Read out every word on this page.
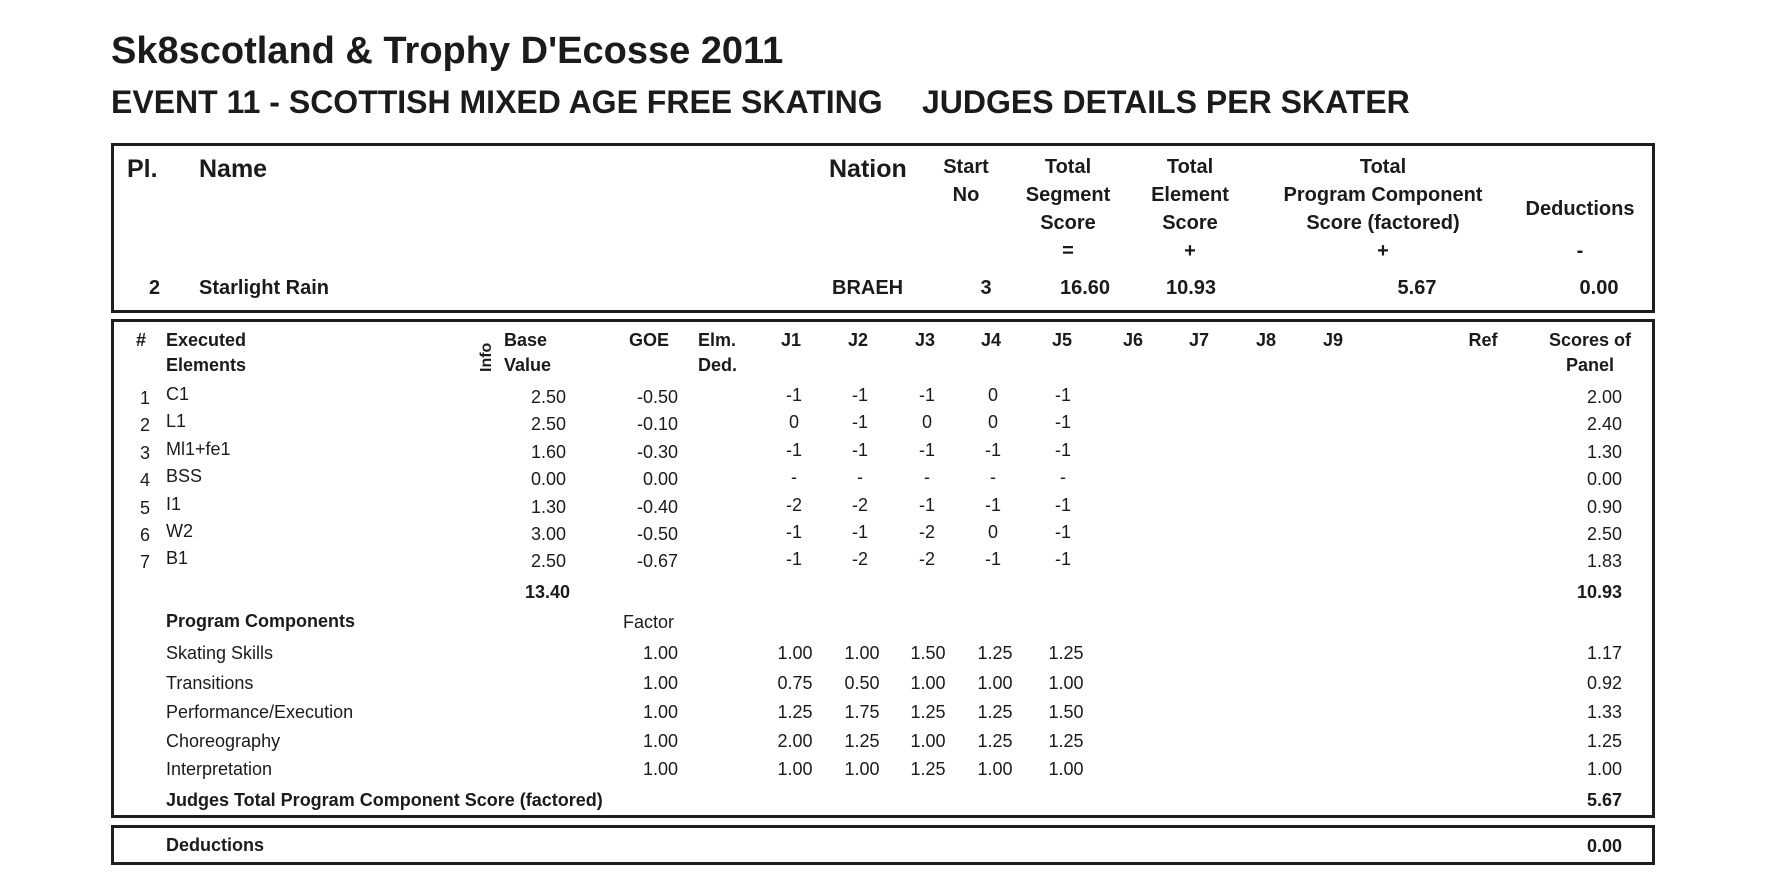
Sk8scotland & Trophy D'Ecosse 2011
EVENT 11 - SCOTTISH MIXED AGE FREE SKATING JUDGES DETAILS PER SKATER
Pl. Name	Nation Start
No
Total
Segment
Score
=
Total
Element
Score
+
Total
Program Component
Score (factored)
+
Deductions
-
2 Starlight Rain	BRAEH	3	16.60	10.93	5.67	0.00
# Executed
Elements	Info
Base
Value
GOE Elm.
Ded.
J1	J2	J3	J4	J5	J6	J7	J8	J9	Ref	Scores of
Panel
1 C1	2.50	-0.50	-1	-1	-1	0	-1	2.00
2 L1	2.50	-0.10	0	-1	0	0	-1	2.40
3 Ml1+fe1	1.60	-0.30	-1	-1	-1	-1	-1	1.30
4 BSS	0.00	0.00	-	-	-	-	-	0.00
5 I1	1.30	-0.40	-2	-2	-1	-1	-1	0.90
6 W2	3.00	-0.50	-1	-1	-2	0	-1	2.50
7 B1	2.50	-0.67	-1	-2	-2	-1	-1	1.83
13.40	10.93
Program Components	Factor
Skating Skills	1.00	1.00 1.00 1.50 1.25 1.25	1.17
Transitions	1.00	0.75 0.50 1.00 1.00 1.00	0.92
Performance/Execution	1.00	1.25 1.75 1.25 1.25 1.50	1.33
Choreography	1.00	2.00 1.25 1.00 1.25 1.25	1.25
Interpretation	1.00	1.00 1.00 1.25 1.00 1.00	1.00
Judges Total Program Component Score (factored)	5.67
Deductions	0.00
